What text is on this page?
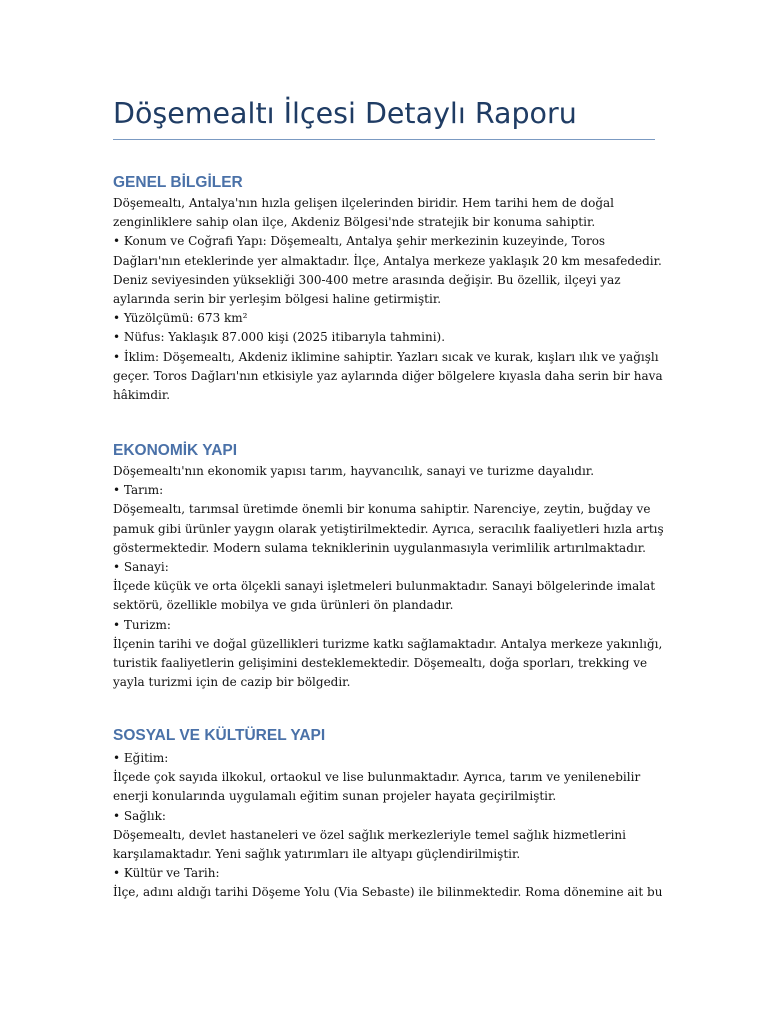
Döşemealtı İlçesi Detaylı Raporu
GENEL BİLGİLER
Döşemealtı, Antalya'nın hızla gelişen ilçelerinden biridir. Hem tarihi hem de doğal
zenginliklere sahip olan ilçe, Akdeniz Bölgesi'nde stratejik bir konuma sahiptir.
• Konum ve Coğrafi Yapı: Döşemealtı, Antalya şehir merkezinin kuzeyinde, Toros
Dağları'nın eteklerinde yer almaktadır. İlçe, Antalya merkeze yaklaşık 20 km mesafededir.
Deniz seviyesinden yüksekliği 300-400 metre arasında değişir. Bu özellik, ilçeyi yaz
aylarında serin bir yerleşim bölgesi haline getirmiştir.
• Yüzölçümü: 673 km²
• Nüfus: Yaklaşık 87.000 kişi (2025 itibarıyla tahmini).
• İklim: Döşemealtı, Akdeniz iklimine sahiptir. Yazları sıcak ve kurak, kışları ılık ve yağışlı
geçer. Toros Dağları'nın etkisiyle yaz aylarında diğer bölgelere kıyasla daha serin bir hava
hâkimdir.
EKONOMİK YAPI
Döşemealtı'nın ekonomik yapısı tarım, hayvancılık, sanayi ve turizme dayalıdır.
• Tarım:
Döşemealtı, tarımsal üretimde önemli bir konuma sahiptir. Narenciye, zeytin, buğday ve
pamuk gibi ürünler yaygın olarak yetiştirilmektedir. Ayrıca, seracılık faaliyetleri hızla artış
göstermektedir. Modern sulama tekniklerinin uygulanmasıyla verimlilik artırılmaktadır.
• Sanayi:
İlçede küçük ve orta ölçekli sanayi işletmeleri bulunmaktadır. Sanayi bölgelerinde imalat
sektörü, özellikle mobilya ve gıda ürünleri ön plandadır.
• Turizm:
İlçenin tarihi ve doğal güzellikleri turizme katkı sağlamaktadır. Antalya merkeze yakınlığı,
turistik faaliyetlerin gelişimini desteklemektedir. Döşemealtı, doğa sporları, trekking ve
yayla turizmi için de cazip bir bölgedir.
SOSYAL VE KÜLTÜREL YAPI
• Eğitim:
İlçede çok sayıda ilkokul, ortaokul ve lise bulunmaktadır. Ayrıca, tarım ve yenilenebilir
enerji konularında uygulamalı eğitim sunan projeler hayata geçirilmiştir.
• Sağlık:
Döşemealtı, devlet hastaneleri ve özel sağlık merkezleriyle temel sağlık hizmetlerini
karşılamaktadır. Yeni sağlık yatırımları ile altyapı güçlendirilmiştir.
• Kültür ve Tarih:
İlçe, adını aldığı tarihi Döşeme Yolu (Via Sebaste) ile bilinmektedir. Roma dönemine ait bu
